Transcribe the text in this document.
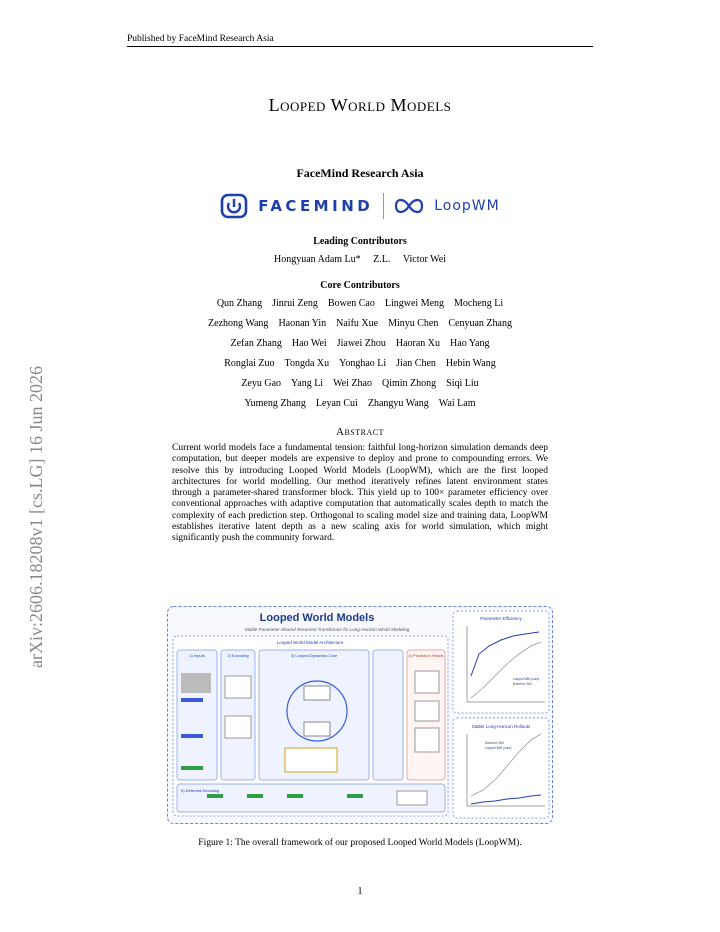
Published by FaceMind Research Asia
Looped World Models
FaceMind Research Asia
FACEMIND	LoopWM
Leading Contributors
Hongyuan Adam Lu* Z.L. Victor Wei
Core Contributors
Qun Zhang Jinrui Zeng Bowen Cao Lingwei Meng Mocheng Li
Zezhong Wang Haonan Yin Naifu Xue Minyu Chen Cenyuan Zhang
Zefan Zhang Hao Wei Jiawei Zhou Haoran Xu Hao Yang
Ronglai Zuo Tongda Xu Yonghao Li Jian Chen Hebin Wang
Zeyu Gao Yang Li Wei Zhao Qimin Zhong Siqi Liu
Yumeng Zhang Leyan Cui Zhangyu Wang Wai Lam
Abstract
Current world models face a fundamental tension: faithful long-horizon simulation demands deep computation, but deeper models are expensive to deploy and prone to compounding errors. We resolve this by introducing Looped World Models (LoopWM), which are the first looped architectures for world modelling. Our method iteratively refines latent environment states through a parameter-shared transformer block. This yield up to 100× parameter efficiency over conventional approaches with adaptive computation that automatically scales depth to match the complexity of each prediction step. Orthogonal to scaling model size and training data, LoopWM establishes iterative latent depth as a new scaling axis for world simulation, which might significantly push the community forward.
arXiv:2606.18208v1 [cs.LG] 16 Jun 2026	Looped World Models
Stable Parameter-Shared Recurrent Transformer for Long-Horizon World Modeling
Looped World Model Architecture
1) Inputs	2) Encoding	3) Looped Dynamics Core	4) Prediction Heads
5) Deferred Decoding
Parameter Efficiency
Looped WM (ours)
Baseline WM
Stable Long-Horizon Rollouts
Baseline WM
Looped WM (ours)
Figure 1: The overall framework of our proposed Looped World Models (LoopWM).
1
